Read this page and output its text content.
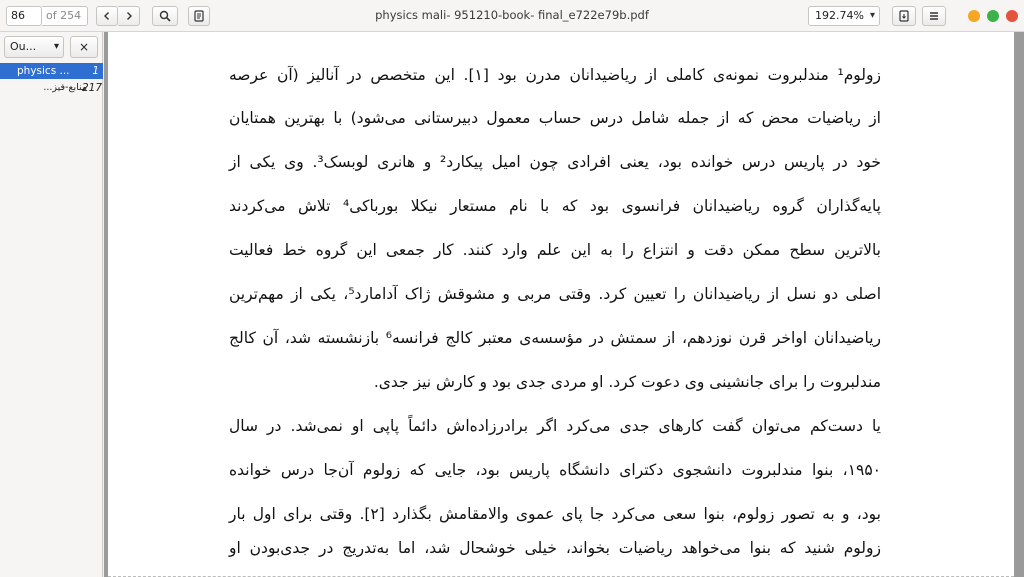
86	of 254	physics mali- 951210-book- final_e722e79b.pdf	192.74% ▾
Ou... ▾	×
physics ...	1
217
منابع-فیز...
زولوم¹ مندلبروت نمونه‌ی کاملی از ریاضیدانان مدرن بود [۱]. این متخصص در آنالیز (آن عرصه
از ریاضیات محض که از جمله شامل درس حساب معمول دبیرستانی می‌شود) با بهترین همتایان
خود در پاریس درس خوانده بود، یعنی افرادی چون امیل پیکارد² و هانری لوبسک³. وی یکی از
پایه‌گذاران گروه ریاضیدانان فرانسوی بود که با نام مستعار نیکلا بورباکی⁴ تلاش می‌کردند
بالاترین سطح ممکن دقت و انتزاع را به این علم وارد کنند. کار جمعی این گروه خط فعالیت
اصلی دو نسل از ریاضیدانان را تعیین کرد. وقتی مربی و مشوقش ژاک آدامارد⁵، یکی از مهم‌ترین
ریاضیدانان اواخر قرن نوزدهم، از سمتش در مؤسسه‌ی معتبر کالج فرانسه⁶ بازنشسته شد، آن کالج
مندلبروت را برای جانشینی وی دعوت کرد. او مردی جدی بود و کارش نیز جدی.
یا دست‌کم می‌توان گفت کارهای جدی می‌کرد اگر برادرزاده‌اش دائماً پاپی او نمی‌شد. در سال
۱۹۵۰، بنوا مندلبروت دانشجوی دکترای دانشگاه پاریس بود، جایی که زولوم آن‌جا درس خوانده
بود، و به تصور زولوم، بنوا سعی می‌کرد جا پای عموی والامقامش بگذارد [۲]. وقتی برای اول بار
زولوم شنید که بنوا می‌خواهد ریاضیات بخواند، خیلی خوشحال شد، اما به‌تدریج در جدی‌بودن او
